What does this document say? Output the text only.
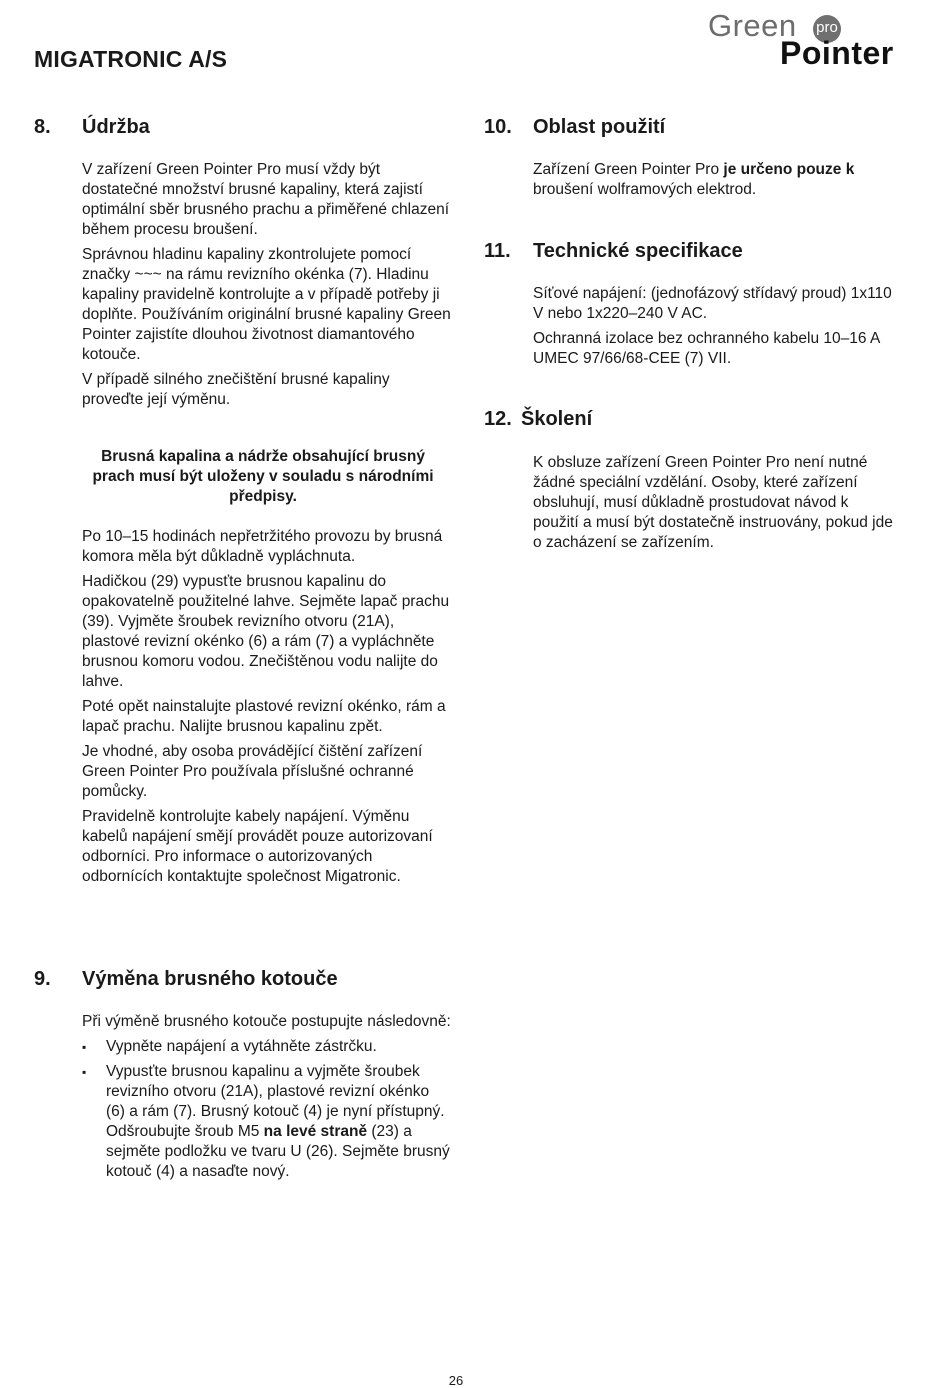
MIGATRONIC A/S
Green pro
Pointer
8. Údržba

V zařízení Green Pointer Pro musí vždy být dostatečné množství brusné kapaliny, která zajistí optimální sběr brusného prachu a přiměřené chlazení během procesu broušení.

Správnou hladinu kapaliny zkontrolujete pomocí značky ~~~ na rámu revizního okénka (7). Hladinu kapaliny pravidelně kontrolujte a v případě potřeby ji doplňte. Používáním originální brusné kapaliny Green Pointer zajistíte dlouhou životnost diamantového kotouče.

V případě silného znečištění brusné kapaliny proveďte její výměnu.

Brusná kapalina a nádrže obsahující brusný prach musí být uloženy v souladu s národními předpisy.

Po 10–15 hodinách nepřetržitého provozu by brusná komora měla být důkladně vypláchnuta.

Hadičkou (29) vypusťte brusnou kapalinu do opakovatelně použitelné lahve. Sejměte lapač prachu (39). Vyjměte šroubek revizního otvoru (21A), plastové revizní okénko (6) a rám (7) a vypláchněte brusnou komoru vodou. Znečištěnou vodu nalijte do lahve.

Poté opět nainstalujte plastové revizní okénko, rám a lapač prachu. Nalijte brusnou kapalinu zpět.

Je vhodné, aby osoba provádějící čištění zařízení Green Pointer Pro používala příslušné ochranné pomůcky.

Pravidelně kontrolujte kabely napájení. Výměnu kabelů napájení smějí provádět pouze autorizovaní odborníci. Pro informace o autorizovaných odbornících kontaktujte společnost Migatronic.

9. Výměna brusného kotouče

Při výměně brusného kotouče postupujte následovně:

▪ Vypněte napájení a vytáhněte zástrčku.
▪ Vypusťte brusnou kapalinu a vyjměte šroubek revizního otvoru (21A), plastové revizní okénko (6) a rám (7). Brusný kotouč (4) je nyní přístupný. Odšroubujte šroub M5 na levé straně (23) a sejměte podložku ve tvaru U (26). Sejměte brusný kotouč (4) a nasaďte nový.
10. Oblast použití

Zařízení Green Pointer Pro je určeno pouze k broušení wolframových elektrod.

11. Technické specifikace

Síťové napájení: (jednofázový střídavý proud) 1x110 V nebo 1x220–240 V AC.

Ochranná izolace bez ochranného kabelu 10–16 A UMEC 97/66/68-CEE (7) VII.

12. Školení

K obsluze zařízení Green Pointer Pro není nutné žádné speciální vzdělání. Osoby, které zařízení obsluhují, musí důkladně prostudovat návod k použití a musí být dostatečně instruovány, pokud jde o zacházení se zařízením.

26
